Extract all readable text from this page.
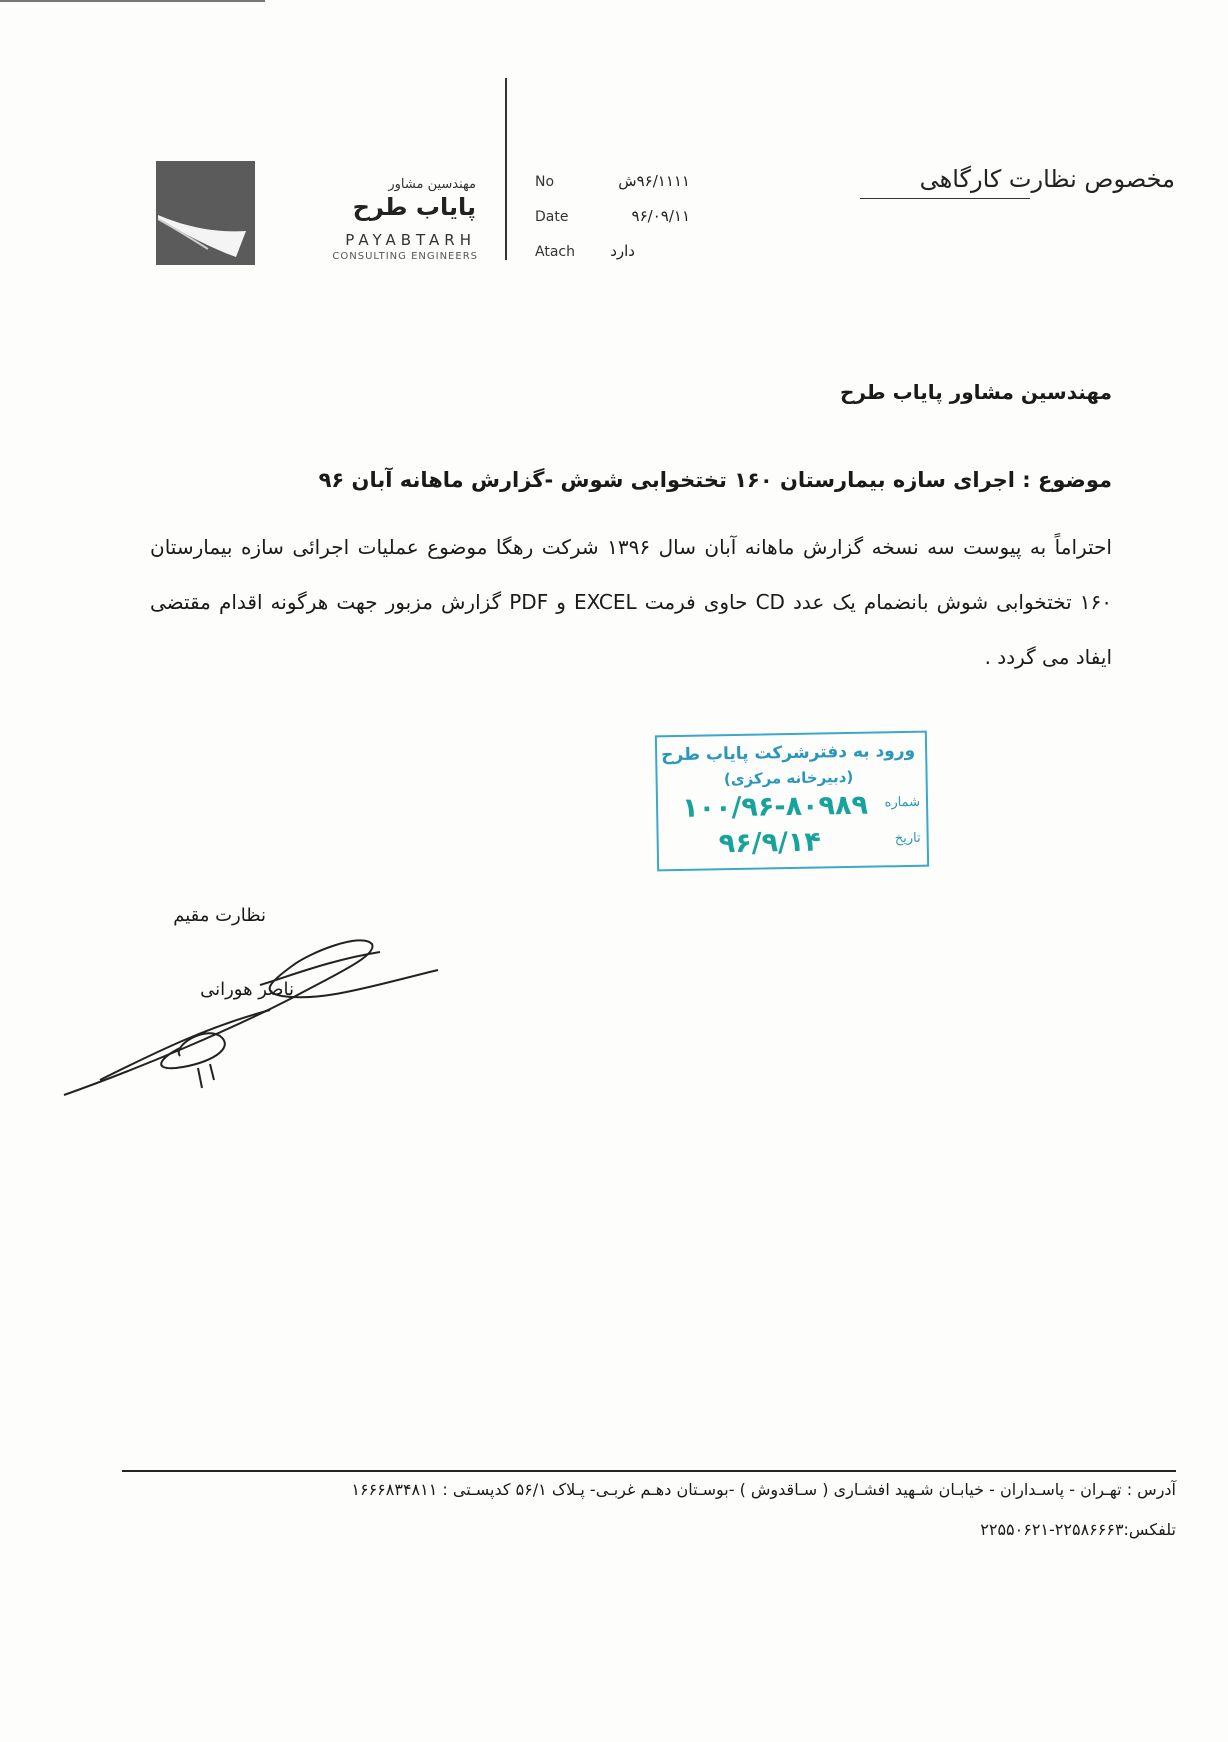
مهندسین مشاور
پایاب طرح
PAYABTARH
CONSULTING ENGINEERS
No	۹۶/۱۱۱۱ش
Date	۹۶/۰۹/۱۱
Atach	دارد
مخصوص نظارت کارگاهی
مهندسین مشاور پایاب طرح
موضوع : اجرای سازه بیمارستان ۱۶۰ تختخوابی شوش -گزارش ماهانه آبان ۹۶
احتراماً به پیوست سه نسخه گزارش ماهانه آبان سال ۱۳۹۶ شرکت رهگا موضوع عملیات اجرائی سازه بیمارستان ۱۶۰ تختخوابی شوش بانضمام یک عدد CD حاوی فرمت EXCEL و PDF گزارش مزبور جهت هرگونه اقدام مقتضی ایفاد می گردد .
ورود به دفترشرکت پایاب طرح
(دبیرخانه مرکزی)
شماره
۱۰۰/۹۶-۸۰۹۸۹
تاریخ
۹۶/۹/۱۴
نظارت مقیم
ناصر هورانی
آدرس : تهـران - پاسـداران - خیابـان شـهید افشـاری ( سـاقدوش ) -بوسـتان دهـم غربـی- پـلاک ۵۶/۱ کدپسـتی : ۱۶۶۶۸۳۴۸۱۱
تلفکس:۲۲۵۸۶۶۶۳-۲۲۵۵۰۶۲۱
